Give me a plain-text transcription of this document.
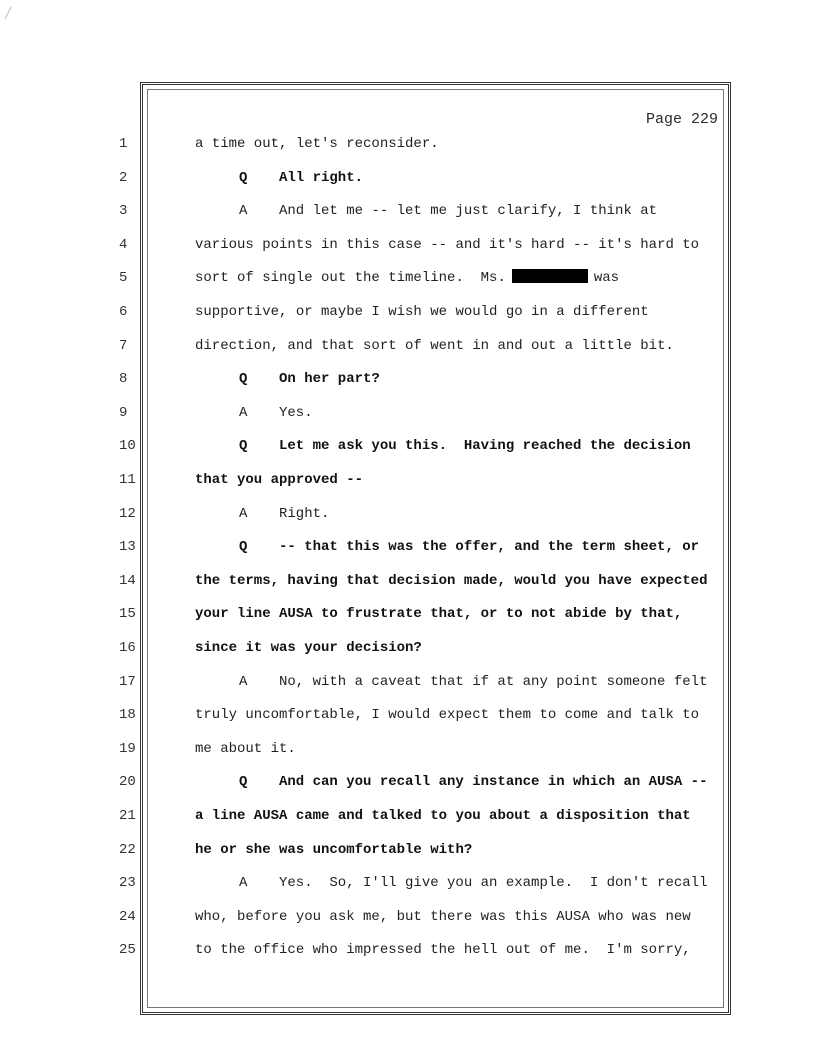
Page 229
1	a time out, let's reconsider.
2	Q All right.
3	A And let me -- let me just clarify, I think at
4	various points in this case -- and it's hard -- it's hard to
5	sort of single out the timeline.  Ms.	was
6	supportive, or maybe I wish we would go in a different
7	direction, and that sort of went in and out a little bit.
8	Q On her part?
9	A Yes.
10	Q Let me ask you this.  Having reached the decision
11	that you approved --
12	A Right.
13	Q -- that this was the offer, and the term sheet, or
14	the terms, having that decision made, would you have expected
15	your line AUSA to frustrate that, or to not abide by that,
16	since it was your decision?
17	A No, with a caveat that if at any point someone felt
18	truly uncomfortable, I would expect them to come and talk to
19	me about it.
20	Q And can you recall any instance in which an AUSA --
21	a line AUSA came and talked to you about a disposition that
22	he or she was uncomfortable with?
23	A Yes.  So, I'll give you an example.  I don't recall
24	who, before you ask me, but there was this AUSA who was new
25	to the office who impressed the hell out of me.  I'm sorry,
